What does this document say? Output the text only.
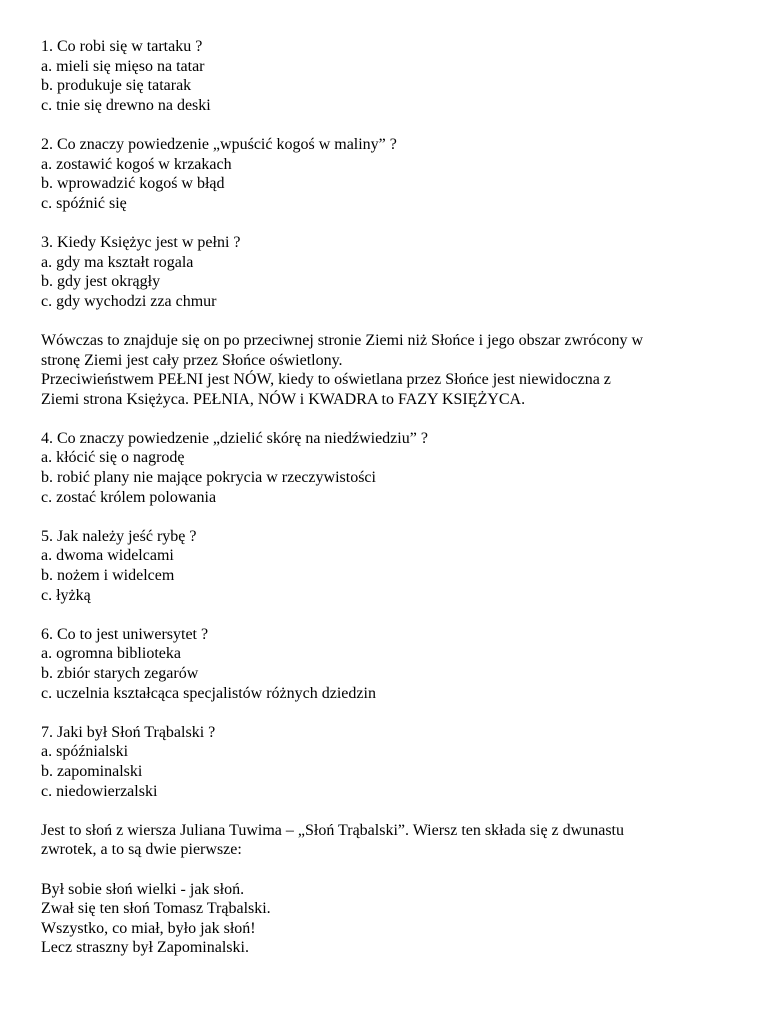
1. Co robi się w tartaku ?
a. mieli się mięso na tatar
b. produkuje się tatarak
c. tnie się drewno na deski
2. Co znaczy powiedzenie „wpuścić kogoś w maliny” ?
a. zostawić kogoś w krzakach
b. wprowadzić kogoś w błąd
c. spóźnić się
3. Kiedy Księżyc jest w pełni ?
a. gdy ma kształt rogala
b. gdy jest okrągły
c. gdy wychodzi zza chmur
Wówczas to znajduje się on po przeciwnej stronie Ziemi niż Słońce i jego obszar zwrócony w
stronę Ziemi jest cały przez Słońce oświetlony.
Przeciwieństwem PEŁNI jest NÓW, kiedy to oświetlana przez Słońce jest niewidoczna z
Ziemi strona Księżyca. PEŁNIA, NÓW i KWADRA to FAZY KSIĘŻYCA.
4. Co znaczy powiedzenie „dzielić skórę na niedźwiedziu” ?
a. kłócić się o nagrodę
b. robić plany nie mające pokrycia w rzeczywistości
c. zostać królem polowania
5. Jak należy jeść rybę ?
a. dwoma widelcami
b. nożem i widelcem
c. łyżką
6. Co to jest uniwersytet ?
a. ogromna biblioteka
b. zbiór starych zegarów
c. uczelnia kształcąca specjalistów różnych dziedzin
7. Jaki był Słoń Trąbalski ?
a. spóźnialski
b. zapominalski
c. niedowierzalski
Jest to słoń z wiersza Juliana Tuwima – „Słoń Trąbalski”. Wiersz ten składa się z dwunastu
zwrotek, a to są dwie pierwsze:
Był sobie słoń wielki - jak słoń.
Zwał się ten słoń Tomasz Trąbalski.
Wszystko, co miał, było jak słoń!
Lecz straszny był Zapominalski.
